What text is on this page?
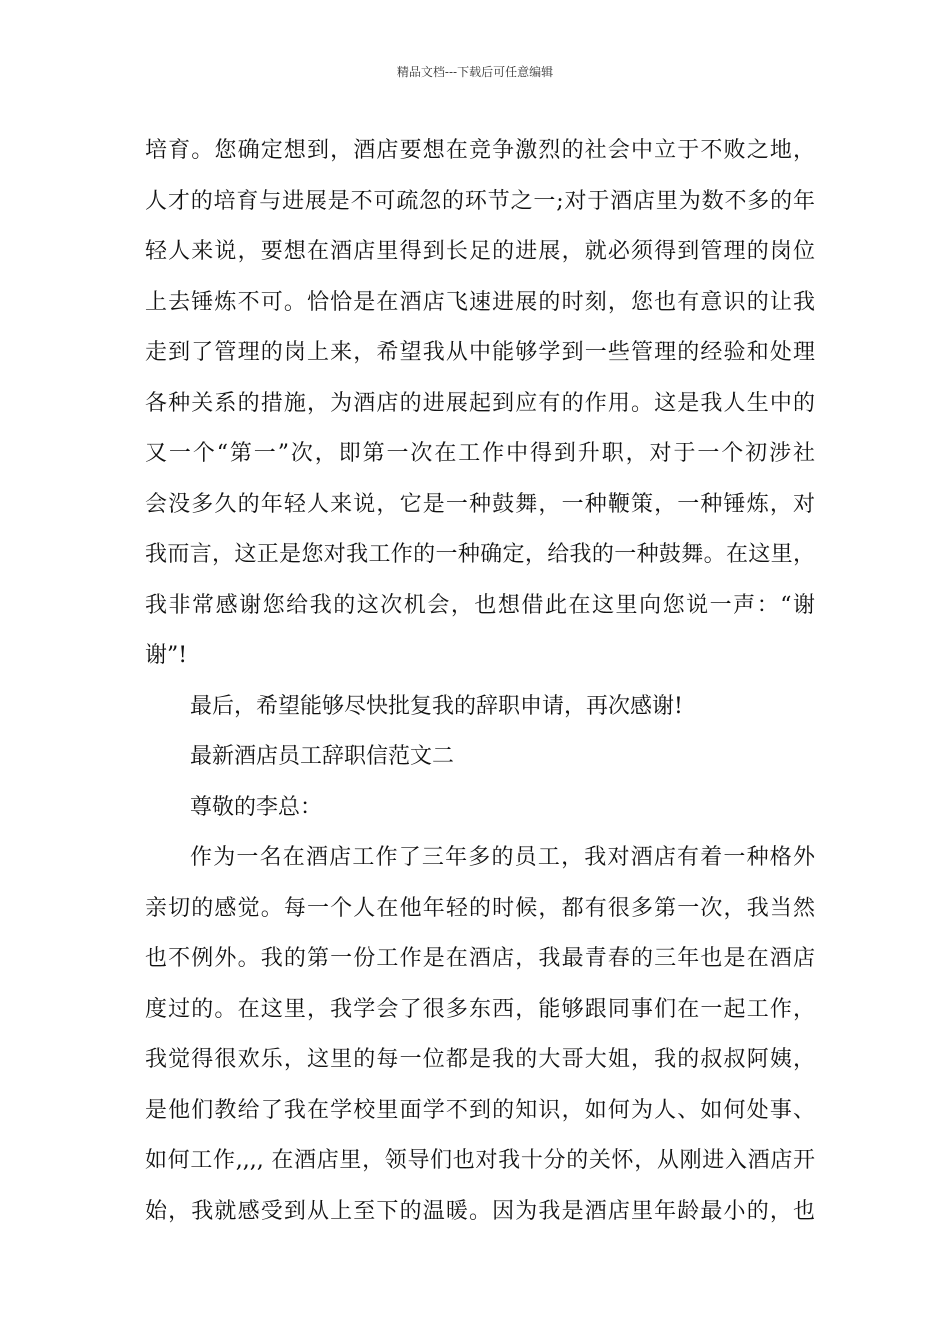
精品文档---下载后可任意编辑
培育。您确定想到，酒店要想在竞争激烈的社会中立于不败之地，
人才的培育与进展是不可疏忽的环节之一;对于酒店里为数不多的年
轻人来说，要想在酒店里得到长足的进展，就必须得到管理的岗位
上去锤炼不可。恰恰是在酒店飞速进展的时刻，您也有意识的让我
走到了管理的岗上来，希望我从中能够学到一些管理的经验和处理
各种关系的措施，为酒店的进展起到应有的作用。这是我人生中的
又一个“第一”次，即第一次在工作中得到升职，对于一个初涉社
会没多久的年轻人来说，它是一种鼓舞，一种鞭策，一种锤炼，对
我而言，这正是您对我工作的一种确定，给我的一种鼓舞。在这里，
我非常感谢您给我的这次机会，也想借此在这里向您说一声：“谢
谢”!
最后，希望能够尽快批复我的辞职申请，再次感谢!
最新酒店员工辞职信范文二
尊敬的李总：
作为一名在酒店工作了三年多的员工，我对酒店有着一种格外
亲切的感觉。每一个人在他年轻的时候，都有很多第一次，我当然
也不例外。我的第一份工作是在酒店，我最青春的三年也是在酒店
度过的。在这里，我学会了很多东西，能够跟同事们在一起工作，
我觉得很欢乐，这里的每一位都是我的大哥大姐，我的叔叔阿姨，
是他们教给了我在学校里面学不到的知识，如何为人、如何处事、
如何工作,,,, 在酒店里，领导们也对我十分的关怀，从刚进入酒店开
始，我就感受到从上至下的温暖。因为我是酒店里年龄最小的，也
